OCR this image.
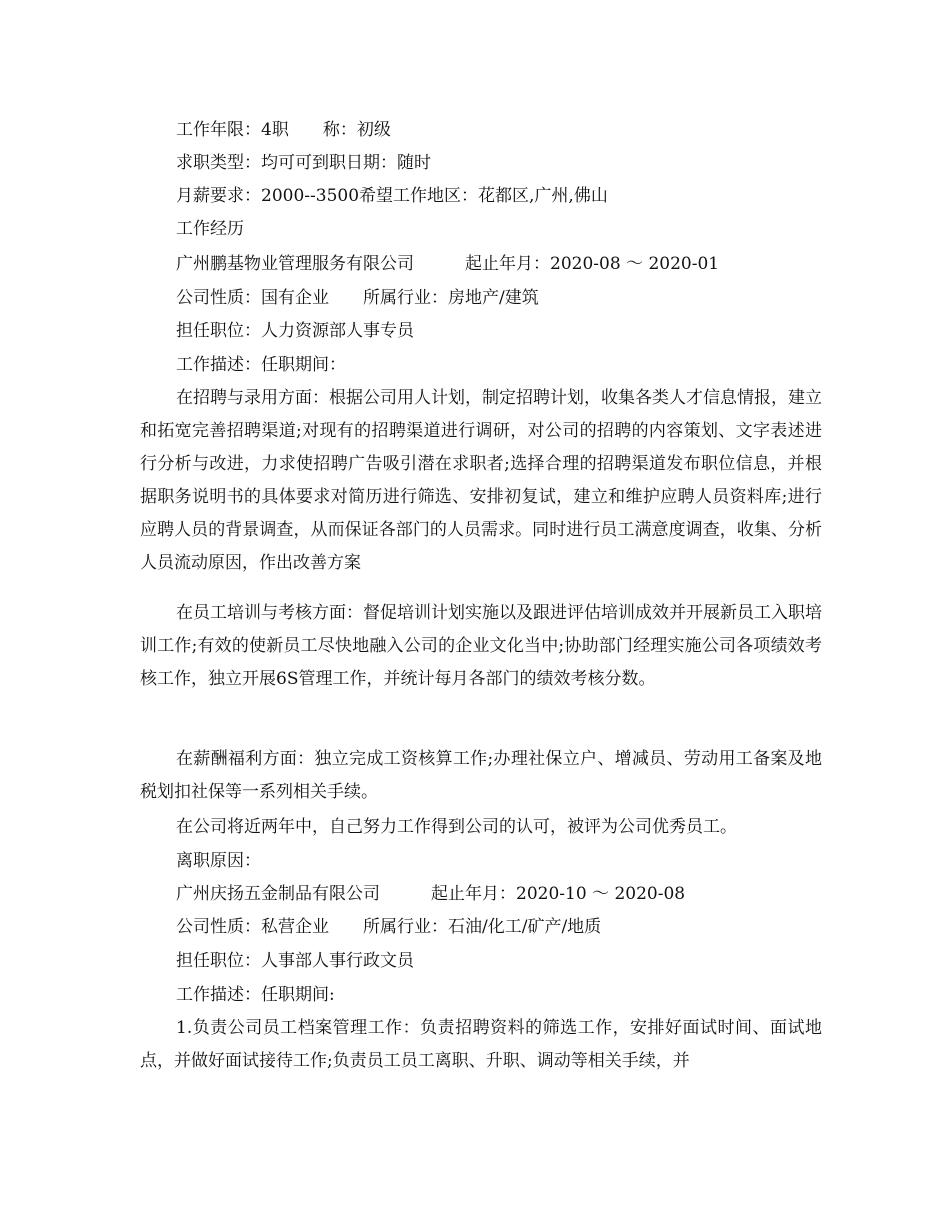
工作年限：4职　　称：初级
求职类型：均可可到职日期：随时
月薪要求：2000--3500希望工作地区：花都区,广州,佛山
工作经历
广州鹏基物业管理服务有限公司　　　起止年月：2020-08 ～ 2020-01
公司性质：国有企业　　所属行业：房地产/建筑
担任职位：人力资源部人事专员
工作描述：任职期间：
在招聘与录用方面：根据公司用人计划，制定招聘计划，收集各类人才信息情报，建立和拓宽完善招聘渠道;对现有的招聘渠道进行调研，对公司的招聘的内容策划、文字表述进行分析与改进，力求使招聘广告吸引潜在求职者;选择合理的招聘渠道发布职位信息，并根据职务说明书的具体要求对简历进行筛选、安排初复试，建立和维护应聘人员资料库;进行应聘人员的背景调查，从而保证各部门的人员需求。同时进行员工满意度调查，收集、分析人员流动原因，作出改善方案
在员工培训与考核方面：督促培训计划实施以及跟进评估培训成效并开展新员工入职培训工作;有效的使新员工尽快地融入公司的企业文化当中;协助部门经理实施公司各项绩效考核工作，独立开展6S管理工作，并统计每月各部门的绩效考核分数。
在薪酬福利方面：独立完成工资核算工作;办理社保立户、增减员、劳动用工备案及地税划扣社保等一系列相关手续。
在公司将近两年中，自己努力工作得到公司的认可，被评为公司优秀员工。
离职原因：
广州庆扬五金制品有限公司　　　起止年月：2020-10 ～ 2020-08
公司性质：私营企业　　所属行业：石油/化工/矿产/地质
担任职位：人事部人事行政文员
工作描述：任职期间:
1.负责公司员工档案管理工作：负责招聘资料的筛选工作，安排好面试时间、面试地点，并做好面试接待工作;负责员工员工离职、升职、调动等相关手续，并
